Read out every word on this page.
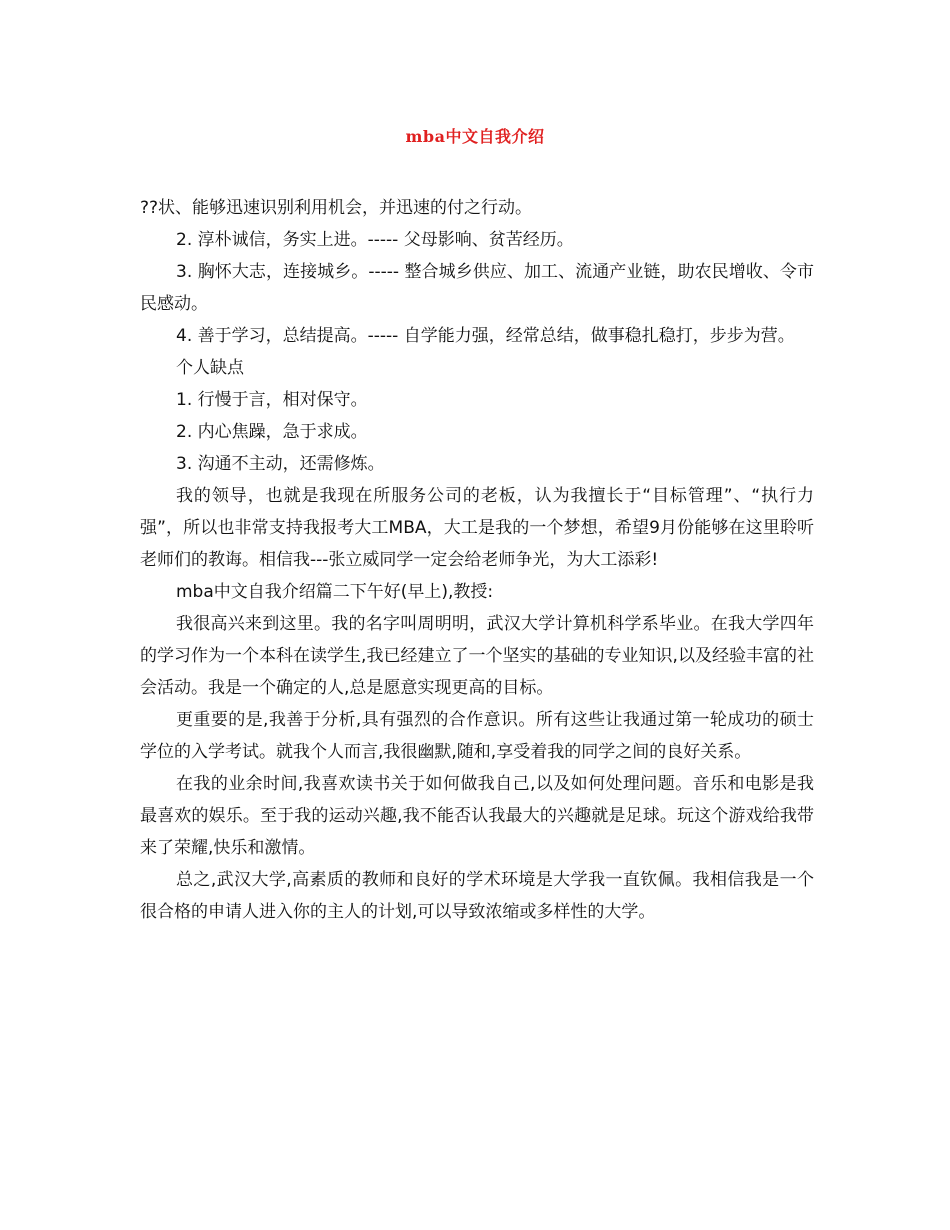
mba中文自我介绍

??状、能够迅速识别利用机会，并迅速的付之行动。

2. 淳朴诚信，务实上进。----- 父母影响、贫苦经历。

3. 胸怀大志，连接城乡。----- 整合城乡供应、加工、流通产业链，助农民增收、令市民感动。

4. 善于学习，总结提高。----- 自学能力强，经常总结，做事稳扎稳打，步步为营。

个人缺点

1. 行慢于言，相对保守。

2. 内心焦躁，急于求成。

3. 沟通不主动，还需修炼。

我的领导，也就是我现在所服务公司的老板，认为我擅长于“目标管理”、“执行力强”，所以也非常支持我报考大工MBA，大工是我的一个梦想，希望9月份能够在这里聆听老师们的教诲。相信我---张立威同学一定会给老师争光，为大工添彩!

mba中文自我介绍篇二下午好(早上),教授:

我很高兴来到这里。我的名字叫周明明，武汉大学计算机科学系毕业。在我大学四年的学习作为一个本科在读学生,我已经建立了一个坚实的基础的专业知识,以及经验丰富的社会活动。我是一个确定的人,总是愿意实现更高的目标。

更重要的是,我善于分析,具有强烈的合作意识。所有这些让我通过第一轮成功的硕士学位的入学考试。就我个人而言,我很幽默,随和,享受着我的同学之间的良好关系。

在我的业余时间,我喜欢读书关于如何做我自己,以及如何处理问题。音乐和电影是我最喜欢的娱乐。至于我的运动兴趣,我不能否认我最大的兴趣就是足球。玩这个游戏给我带来了荣耀,快乐和激情。

总之,武汉大学,高素质的教师和良好的学术环境是大学我一直钦佩。我相信我是一个很合格的申请人进入你的主人的计划,可以导致浓缩或多样性的大学。
